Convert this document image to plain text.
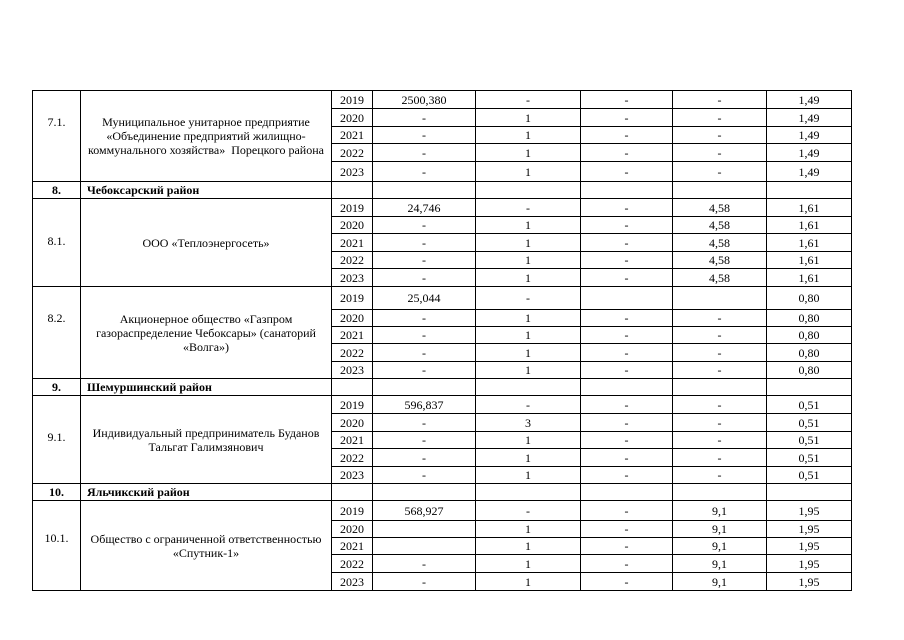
7.1.	Муниципальное унитарное предприятие
«Объединение предприятий жилищно-
коммунального хозяйства»  Порецкого района	2019	2500,380	-	-	-	1,49
		2020	-	1	-	-	1,49
		2021	-	1	-	-	1,49
		2022	-	1	-	-	1,49
		2023	-	1	-	-	1,49
8.	Чебоксарский район						
8.1.	ООО «Теплоэнергосеть»	2019	24,746	-	-	4,58	1,61
		2020	-	1	-	4,58	1,61
		2021	-	1	-	4,58	1,61
		2022	-	1	-	4,58	1,61
		2023	-	1	-	4,58	1,61
8.2.	Акционерное общество «Газпром
газораспределение Чебоксары» (санаторий
«Волга»)	2019	25,044	-			0,80
		2020	-	1	-	-	0,80
		2021	-	1	-	-	0,80
		2022	-	1	-	-	0,80
		2023	-	1	-	-	0,80
9.	Шемуршинский район						
9.1.	Индивидуальный предприниматель Буданов
Тальгат Галимзянович	2019	596,837	-	-	-	0,51
		2020	-	3	-	-	0,51
		2021	-	1	-	-	0,51
		2022	-	1	-	-	0,51
		2023	-	1	-	-	0,51
10.	Яльчикский район						
10.1.	Общество с ограниченной ответственностью
«Спутник-1»	2019	568,927	-	-	9,1	1,95
		2020		1	-	9,1	1,95
		2021		1	-	9,1	1,95
		2022	-	1	-	9,1	1,95
		2023	-	1	-	9,1	1,95
